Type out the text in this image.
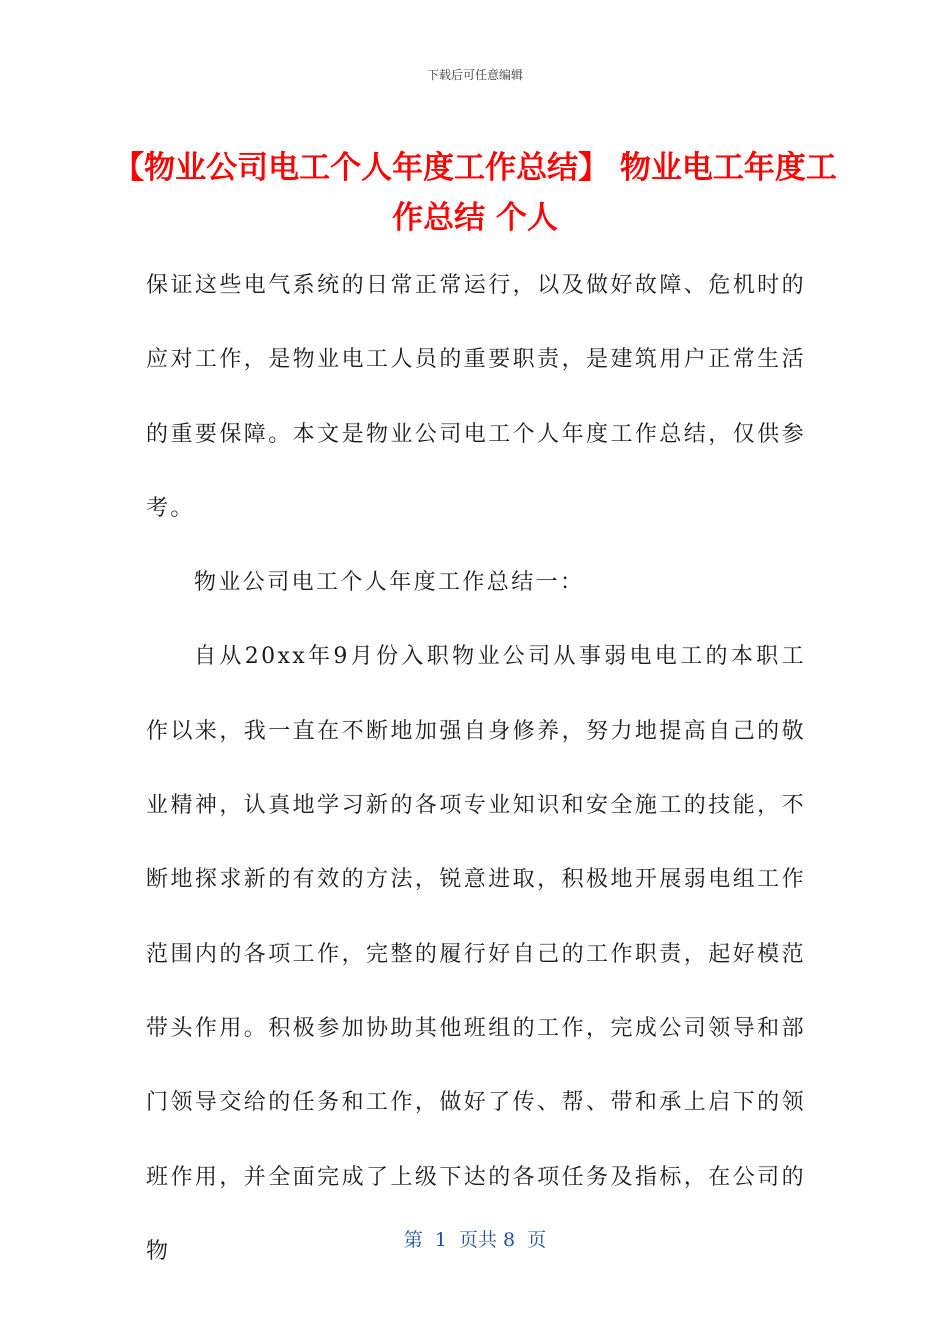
下载后可任意编辑
【物业公司电工个人年度工作总结】 物业电工年度工作总结 个人

保证这些电气系统的日常正常运行，以及做好故障、危机时的应对工作，是物业电工人员的重要职责，是建筑用户正常生活的重要保障。本文是物业公司电工个人年度工作总结，仅供参考。

物业公司电工个人年度工作总结一：

自从20xx年9月份入职物业公司从事弱电电工的本职工作以来，我一直在不断地加强自身修养，努力地提高自己的敬业精神，认真地学习新的各项专业知识和安全施工的技能，不断地探求新的有效的方法，锐意进取，积极地开展弱电组工作范围内的各项工作，完整的履行好自己的工作职责，起好模范带头作用。积极参加协助其他班组的工作，完成公司领导和部门领导交给的任务和工作，做好了传、帮、带和承上启下的领班作用，并全面完成了上级下达的各项任务及指标，在公司的物	第  1  页共 8  页
